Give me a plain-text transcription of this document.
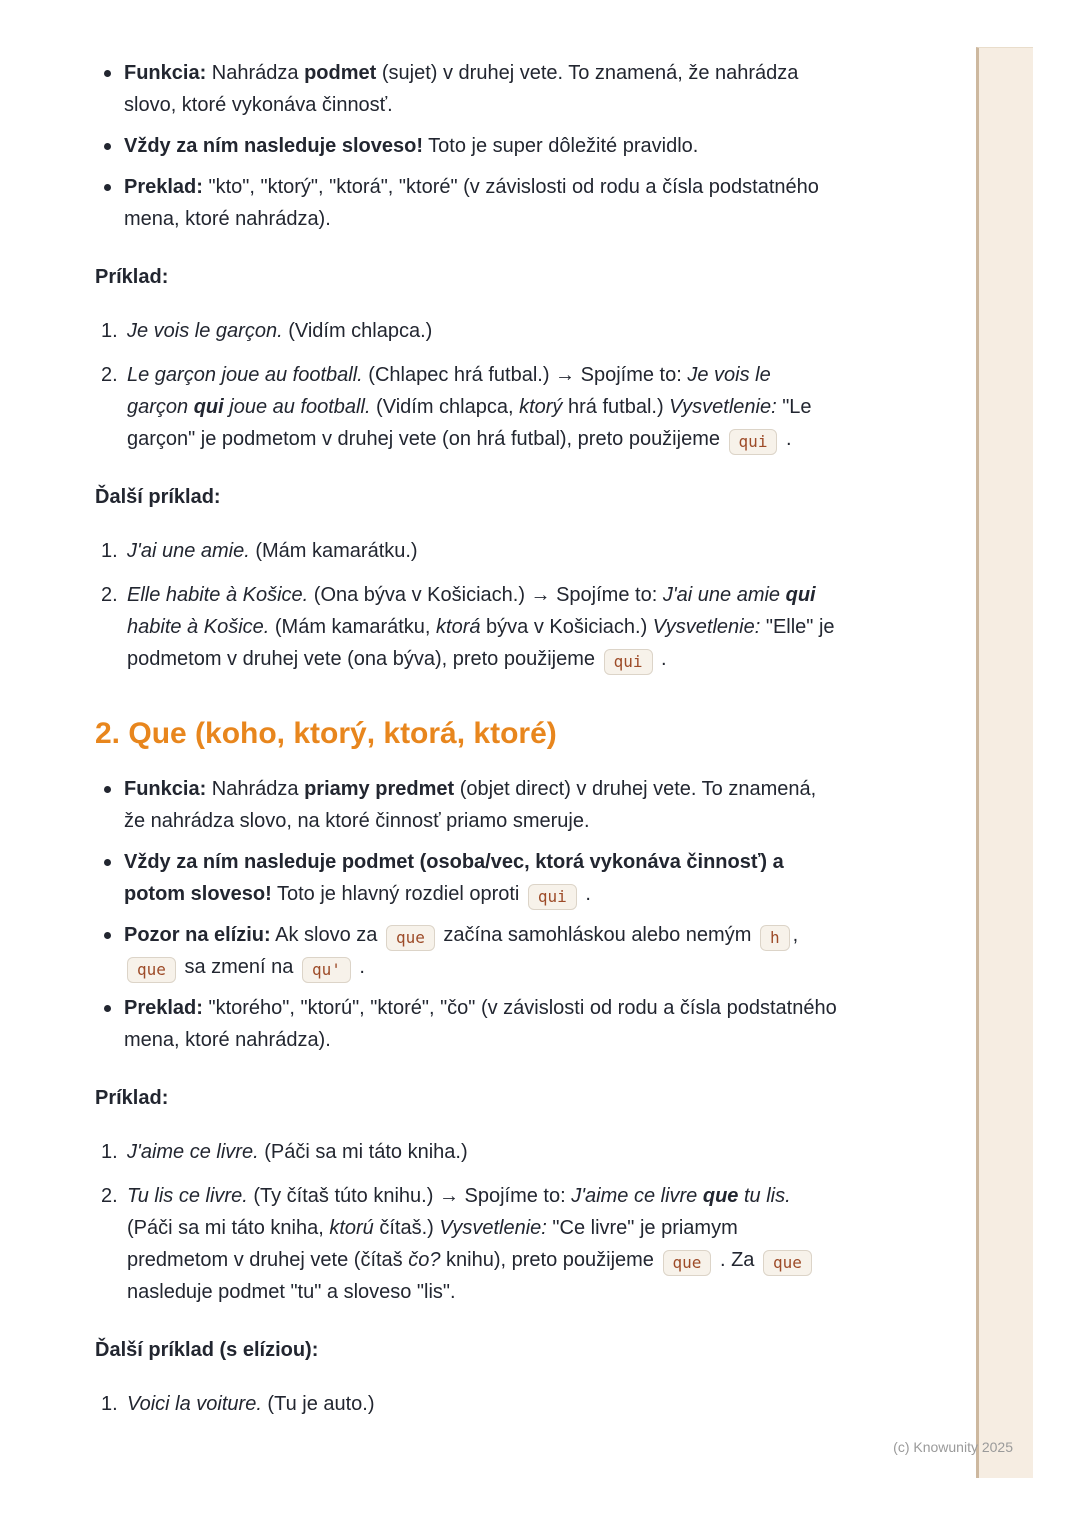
(c) Knowunity 2025
Funkcia: Nahrádza podmet (sujet) v druhej vete. To znamená, že nahrádza slovo, ktoré vykonáva činnosť.
Vždy za ním nasleduje sloveso! Toto je super dôležité pravidlo.
Preklad: "kto", "ktorý", "ktorá", "ktoré" (v závislosti od rodu a čísla podstatného mena, ktoré nahrádza).

Príklad:

Je vois le garçon. (Vidím chlapca.)
Le garçon joue au football. (Chlapec hrá futbal.) → Spojíme to: Je vois le garçon qui joue au football. (Vidím chlapca, ktorý hrá futbal.) Vysvetlenie: "Le garçon" je podmetom v druhej vete (on hrá futbal), preto použijeme qui .

Ďalší príklad:

J'ai une amie. (Mám kamarátku.)
Elle habite à Košice. (Ona býva v Košiciach.) → Spojíme to: J'ai une amie qui habite à Košice. (Mám kamarátku, ktorá býva v Košiciach.) Vysvetlenie: "Elle" je podmetom v druhej vete (ona býva), preto použijeme qui .
2. Que (koho, ktorý, ktorá, ktoré)
Funkcia: Nahrádza priamy predmet (objet direct) v druhej vete. To znamená, že nahrádza slovo, na ktoré činnosť priamo smeruje.
Vždy za ním nasleduje podmet (osoba/vec, ktorá vykonáva činnosť) a potom sloveso! Toto je hlavný rozdiel oproti qui .
Pozor na elíziu: Ak slovo za que začína samohláskou alebo nemým h , que sa zmení na qu' .
Preklad: "ktorého", "ktorú", "ktoré", "čo" (v závislosti od rodu a čísla podstatného mena, ktoré nahrádza).

Príklad:

J'aime ce livre. (Páči sa mi táto kniha.)
Tu lis ce livre. (Ty čítaš túto knihu.) → Spojíme to: J'aime ce livre que tu lis. (Páči sa mi táto kniha, ktorú čítaš.) Vysvetlenie: "Ce livre" je priamym predmetom v druhej vete (čítaš čo? knihu), preto použijeme que . Za que nasleduje podmet "tu" a sloveso "lis".

Ďalší príklad (s elíziou):

Voici la voiture. (Tu je auto.)
